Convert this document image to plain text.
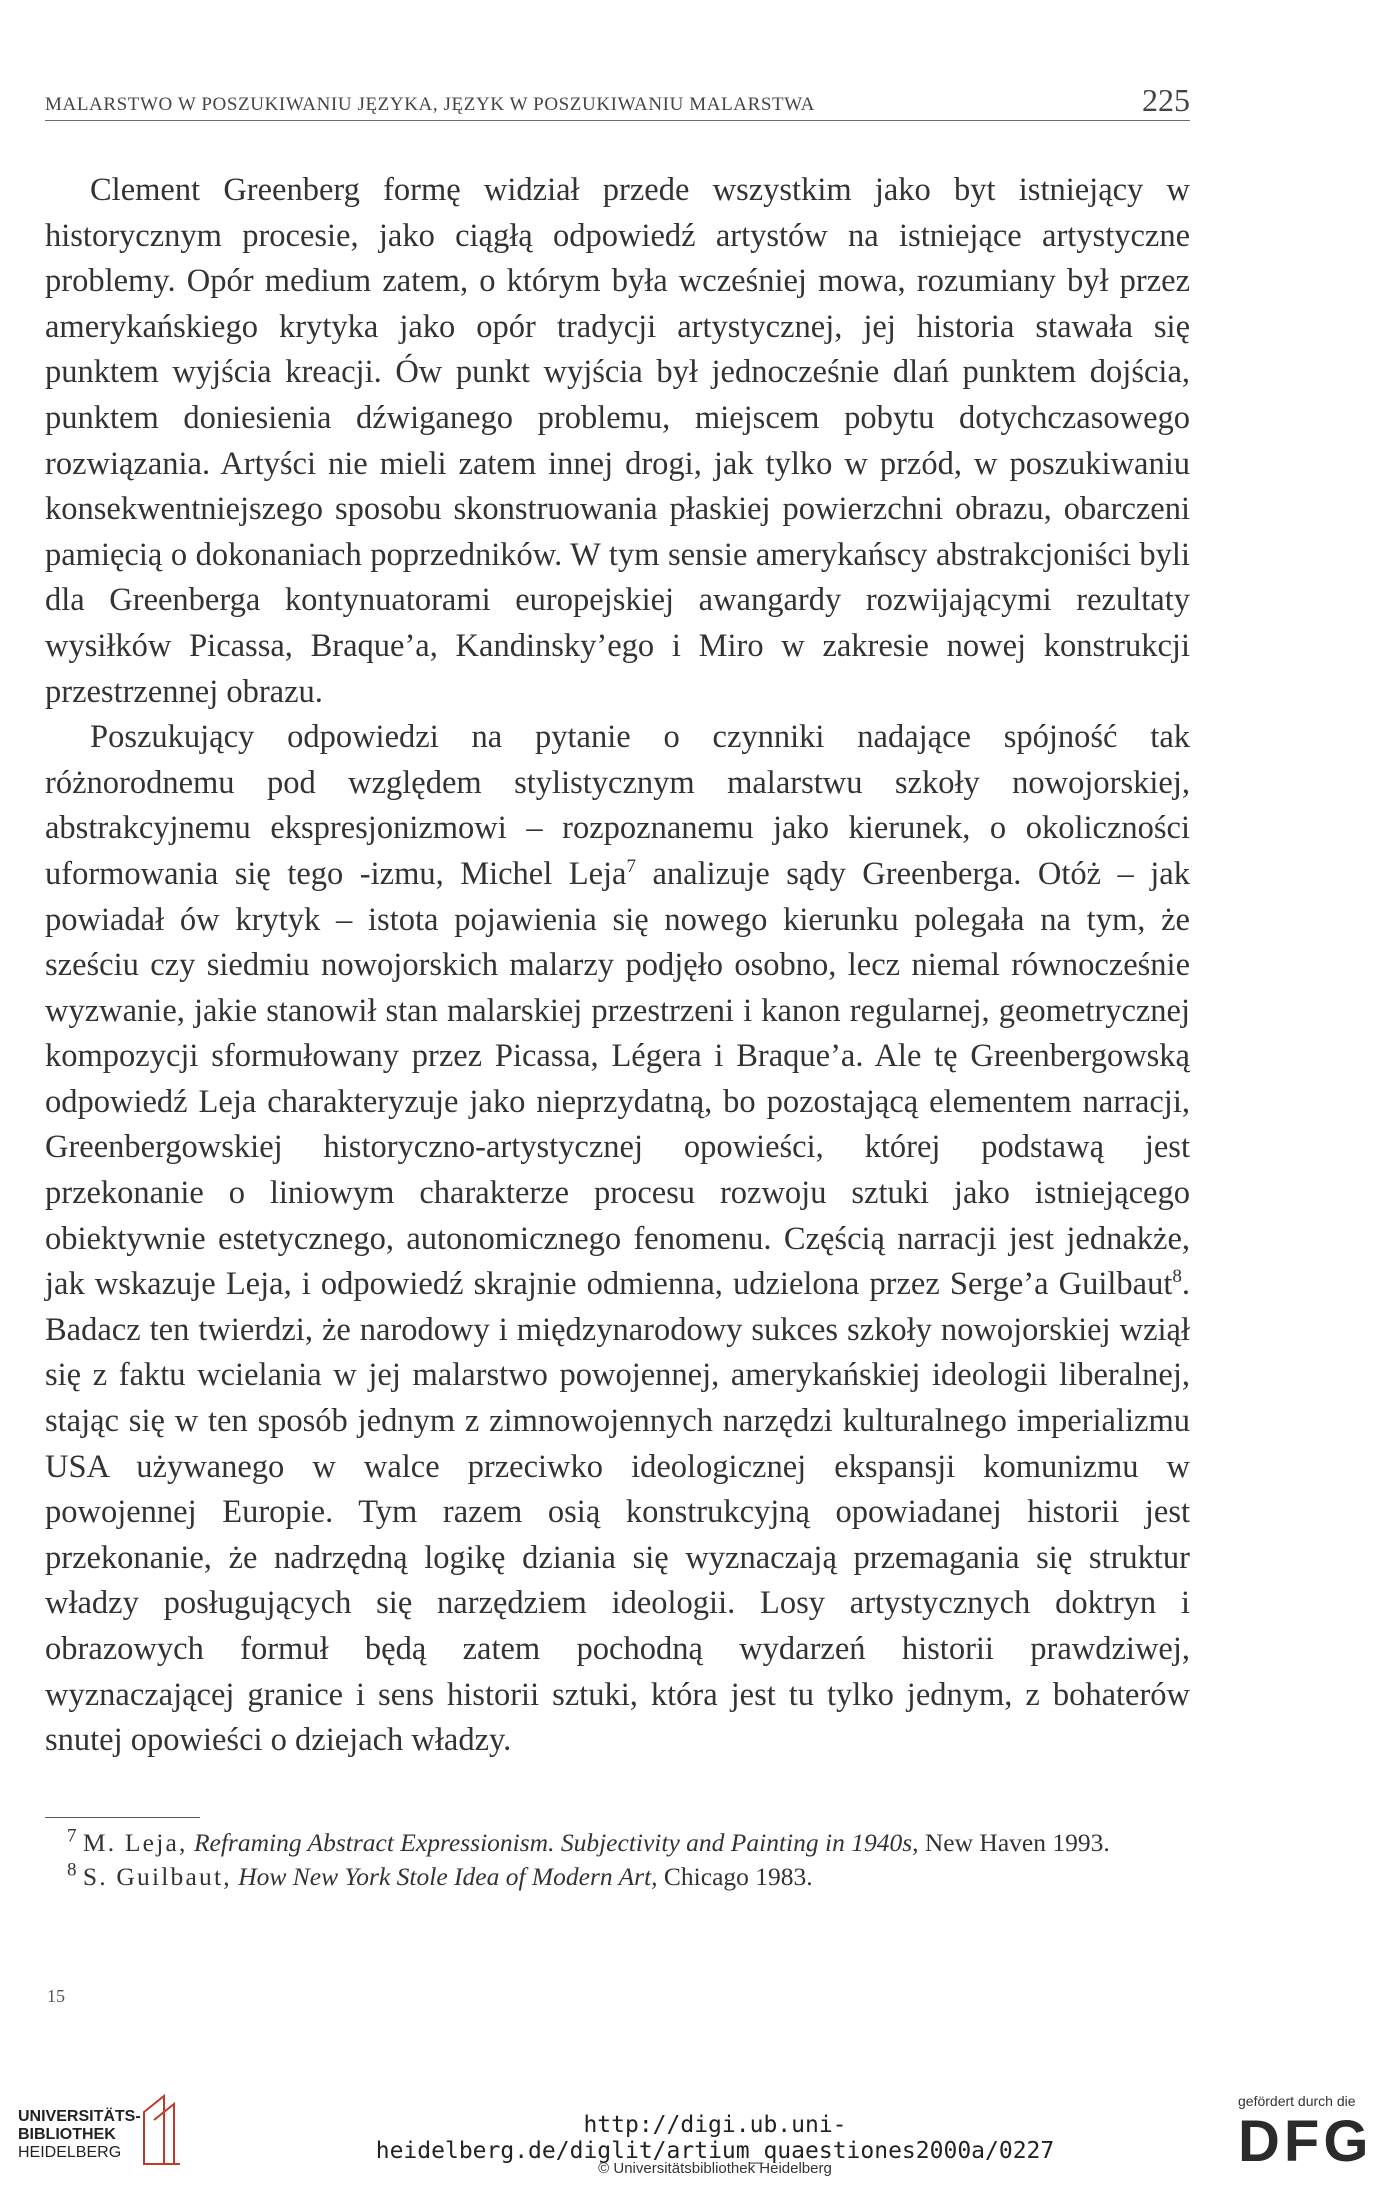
MALARSTWO W POSZUKIWANIU JĘZYKA, JĘZYK W POSZUKIWANIU MALARSTWA	225

Clement Greenberg formę widział przede wszystkim jako byt istniejący w historycznym procesie, jako ciągłą odpowiedź artystów na istniejące artystyczne problemy. Opór medium zatem, o którym była wcześniej mowa, rozumiany był przez amerykańskiego krytyka jako opór tradycji artystycznej, jej historia stawała się punktem wyjścia kreacji. Ów punkt wyjścia był jednocześnie dlań punktem dojścia, punktem doniesienia dźwiganego problemu, miejscem pobytu dotychczasowego rozwiązania. Artyści nie mieli zatem innej drogi, jak tylko w przód, w poszukiwaniu konsekwentniejszego sposobu skonstruowania płaskiej powierzchni obrazu, obarczeni pamięcią o dokonaniach poprzedników. W tym sensie amerykańscy abstrakcjoniści byli dla Greenberga kontynuatorami europejskiej awangardy rozwijającymi rezultaty wysiłków Picassa, Braque’a, Kandinsky’ego i Miro w zakresie nowej konstrukcji przestrzennej obrazu.

Poszukujący odpowiedzi na pytanie o czynniki nadające spójność tak różnorodnemu pod względem stylistycznym malarstwu szkoły nowojorskiej, abstrakcyjnemu ekspresjonizmowi – rozpoznanemu jako kierunek, o okoliczności uformowania się tego -izmu, Michel Leja$^7$ analizuje sądy Greenberga. Otóż – jak powiadał ów krytyk – istota pojawienia się nowego kierunku polegała na tym, że sześciu czy siedmiu nowojorskich malarzy podjęło osobno, lecz niemal równocześnie wyzwanie, jakie stanowił stan malarskiej przestrzeni i kanon regularnej, geometrycznej kompozycji sformułowany przez Picassa, Légera i Braque’a. Ale tę Greenbergowską odpowiedź Leja charakteryzuje jako nieprzydatną, bo pozostającą elementem narracji, Greenbergowskiej historyczno-artystycznej opowieści, której podstawą jest przekonanie o liniowym charakterze procesu rozwoju sztuki jako istniejącego obiektywnie estetycznego, autonomicznego fenomenu. Częścią narracji jest jednakże, jak wskazuje Leja, i odpowiedź skrajnie odmienna, udzielona przez Serge’a Guilbaut$^8$. Badacz ten twierdzi, że narodowy i międzynarodowy sukces szkoły nowojorskiej wziął się z faktu wcielania w jej malarstwo powojennej, amerykańskiej ideologii liberalnej, stając się w ten sposób jednym z zimnowojennych narzędzi kulturalnego imperializmu USA używanego w walce przeciwko ideologicznej ekspansji komunizmu w powojennej Europie. Tym razem osią konstrukcyjną opowiadanej historii jest przekonanie, że nadrzędną logikę dziania się wyznaczają przemagania się struktur władzy posługujących się narzędziem ideologii. Losy artystycznych doktryn i obrazowych formuł będą zatem pochodną wydarzeń historii prawdziwej, wyznaczającej granice i sens historii sztuki, która jest tu tylko jednym, z bohaterów snutej opowieści o dziejach władzy.

$^7$ M. Leja, Reframing Abstract Expressionism. Subjectivity and Painting in 1940s, New Haven 1993.

$^8$ S. Guilbaut, How New York Stole Idea of Modern Art, Chicago 1983.

15
UNIVERSITÄTS-
BIBLIOTHEK
HEIDELBERG
http://digi.ub.uni-heidelberg.de/diglit/artium_quaestiones2000a/0227
© Universitätsbibliothek Heidelberg
gefördert durch die
DFG
